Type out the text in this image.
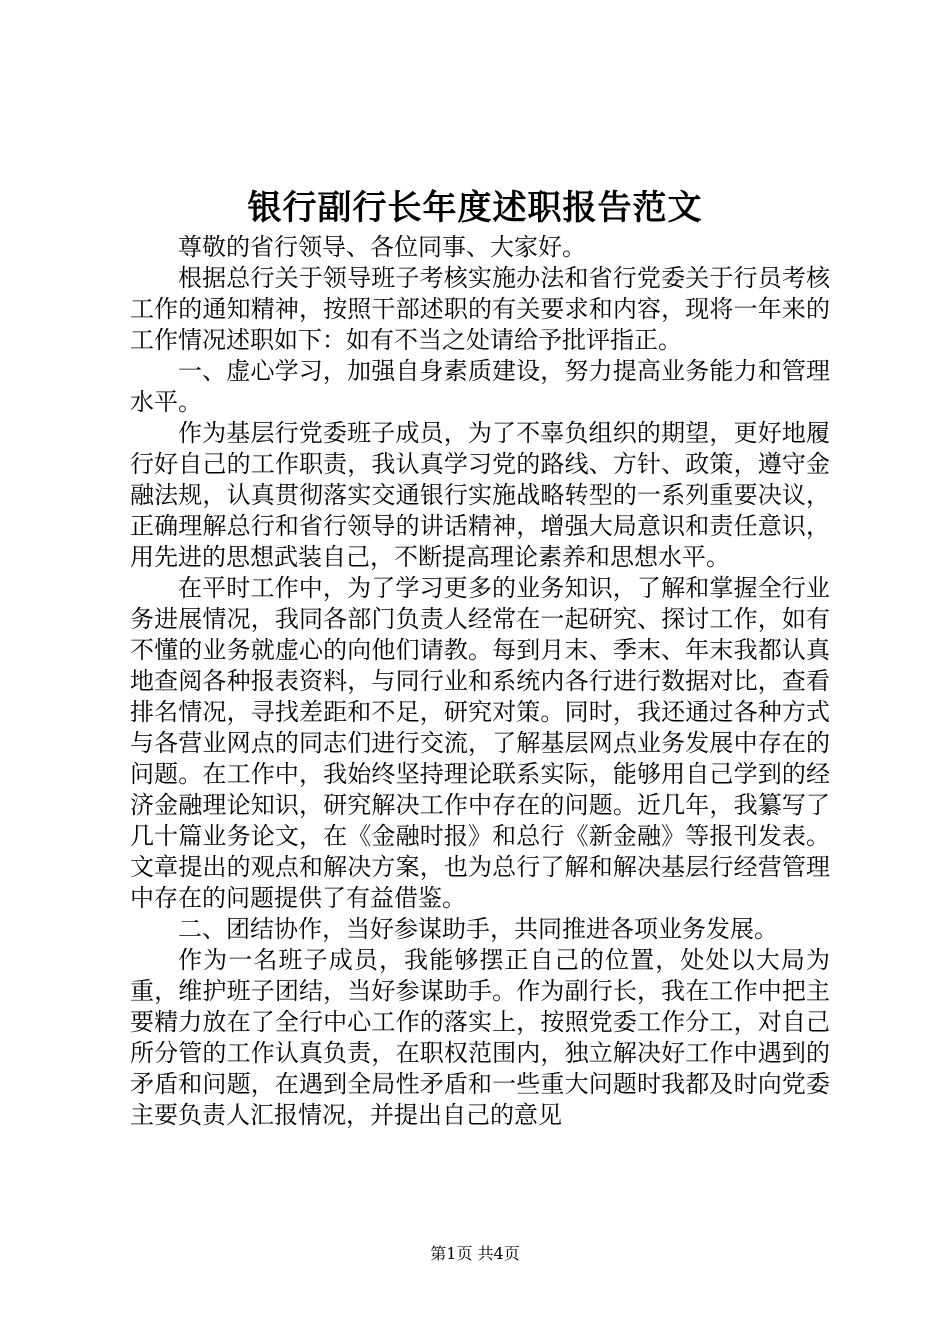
银行副行长年度述职报告范文

尊敬的省行领导、各位同事、大家好。

根据总行关于领导班子考核实施办法和省行党委关于行员考核工作的通知精神，按照干部述职的有关要求和内容，现将一年来的工作情况述职如下：如有不当之处请给予批评指正。

一、虚心学习，加强自身素质建设，努力提高业务能力和管理水平。

作为基层行党委班子成员，为了不辜负组织的期望，更好地履行好自己的工作职责，我认真学习党的路线、方针、政策，遵守金融法规，认真贯彻落实交通银行实施战略转型的一系列重要决议，正确理解总行和省行领导的讲话精神，增强大局意识和责任意识，用先进的思想武装自己，不断提高理论素养和思想水平。

在平时工作中，为了学习更多的业务知识，了解和掌握全行业务进展情况，我同各部门负责人经常在一起研究、探讨工作，如有不懂的业务就虚心的向他们请教。每到月末、季末、年末我都认真地查阅各种报表资料，与同行业和系统内各行进行数据对比，查看排名情况，寻找差距和不足，研究对策。同时，我还通过各种方式与各营业网点的同志们进行交流，了解基层网点业务发展中存在的问题。在工作中，我始终坚持理论联系实际，能够用自己学到的经济金融理论知识，研究解决工作中存在的问题。近几年，我纂写了几十篇业务论文，在《金融时报》和总行《新金融》等报刊发表。文章提出的观点和解决方案，也为总行了解和解决基层行经营管理中存在的问题提供了有益借鉴。

二、团结协作，当好参谋助手，共同推进各项业务发展。

作为一名班子成员，我能够摆正自己的位置，处处以大局为重，维护班子团结，当好参谋助手。作为副行长，我在工作中把主要精力放在了全行中心工作的落实上，按照党委工作分工，对自己所分管的工作认真负责，在职权范围内，独立解决好工作中遇到的矛盾和问题，在遇到全局性矛盾和一些重大问题时我都及时向党委主要负责人汇报情况，并提出自己的意见

第1页 共4页
